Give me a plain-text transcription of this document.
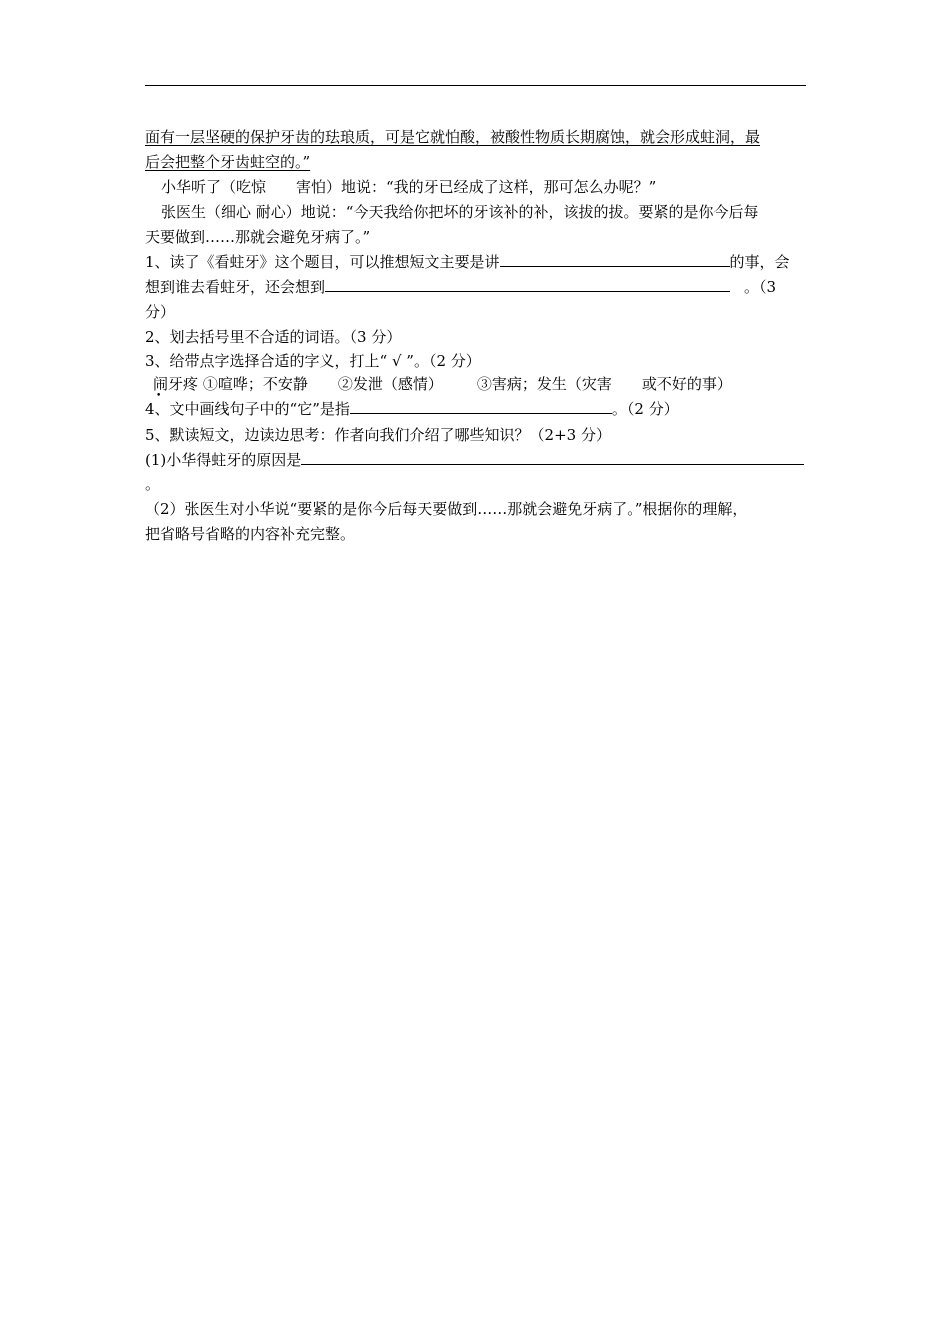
面有一层坚硬的保护牙齿的珐琅质，可是它就怕酸，被酸性物质长期腐蚀，就会形成蛀洞，最
后会把整个牙齿蛀空的。”
小华听了（吃惊　　害怕）地说：“我的牙已经成了这样，那可怎么办呢？”
张医生（细心 耐心）地说：“今天我给你把坏的牙该补的补，该拔的拔。要紧的是你今后每
天要做到……那就会避免牙病了。”
1、读了《看蛀牙》这个题目，可以推想短文主要是讲	的事，会
想到谁去看蛀牙，还会想到	。（3
分）
2、划去括号里不合适的词语。（3 分）
3、给带点字选择合适的字义，打上“ √ ”。（2 分）
闹牙疼 ①喧哗；不安静 ②发泄（感情） ③害病；发生（灾害 或不好的事）
4、文中画线句子中的“它”是指	。（2 分）
5、默读短文，边读边思考：作者向我们介绍了哪些知识？（2+3 分）
(1)小华得蛀牙的原因是
。
（2）张医生对小华说“要紧的是你今后每天要做到……那就会避免牙病了。”根据你的理解，
把省略号省略的内容补充完整。
